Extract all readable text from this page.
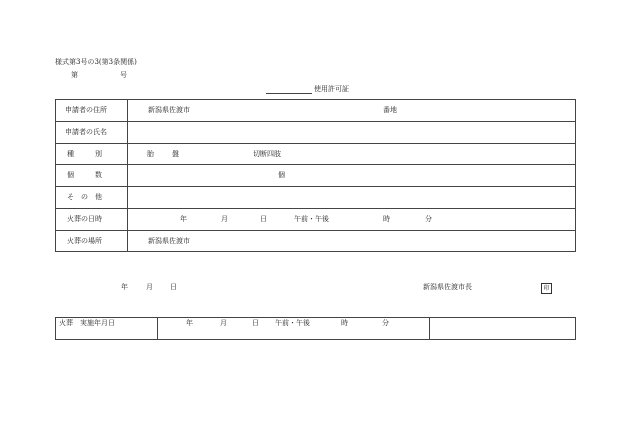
様式第3号の3(第3条関係)
第	号
使用許可証
申請者の住所	新潟県佐渡市	番地
申請者の氏名
種　　　別	胎	盤	切断四肢
個　　　数	個
そ　の　他
火葬の日時	年	月	日	午前・午後	時	分
火葬の場所	新潟県佐渡市
年	月 日	新潟県佐渡市長	印
火葬　実施年月日	年	月	日 午前・午後	時	分
